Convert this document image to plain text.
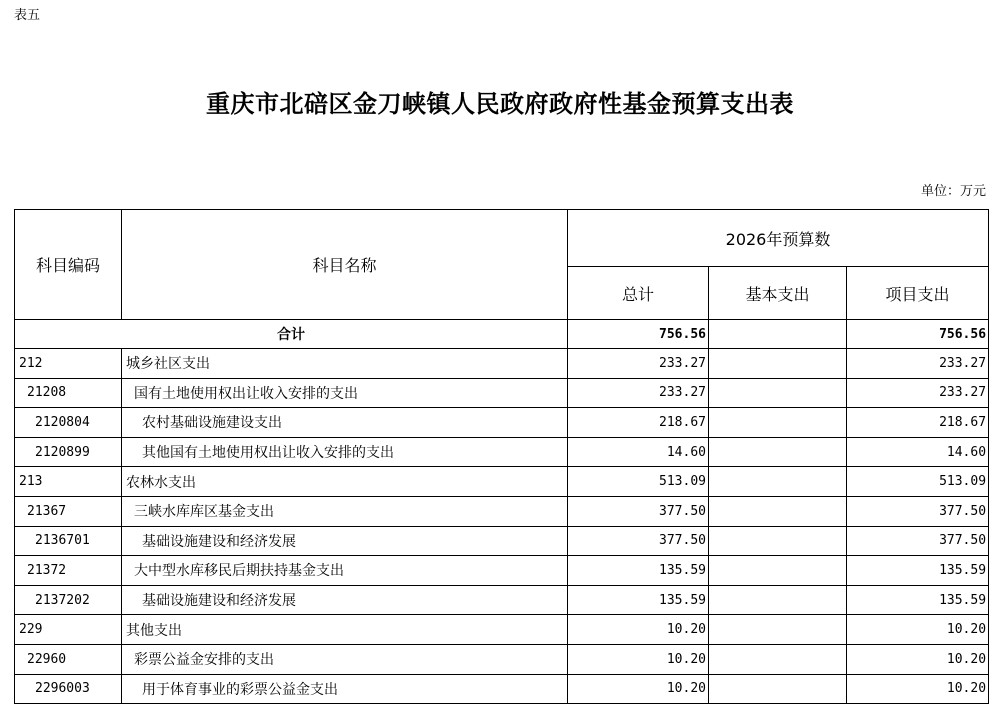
表五
重庆市北碚区金刀峡镇人民政府政府性基金预算支出表
单位：万元
科目编码	科目名称	2026年预算数		
		总计	基本支出	项目支出
合计		756.56		756.56
212	城乡社区支出	233.27		233.27
21208	国有土地使用权出让收入安排的支出	233.27		233.27
2120804	农村基础设施建设支出	218.67		218.67
2120899	其他国有土地使用权出让收入安排的支出	14.60		14.60
213	农林水支出	513.09		513.09
21367	三峡水库库区基金支出	377.50		377.50
2136701	基础设施建设和经济发展	377.50		377.50
21372	大中型水库移民后期扶持基金支出	135.59		135.59
2137202	基础设施建设和经济发展	135.59		135.59
229	其他支出	10.20		10.20
22960	彩票公益金安排的支出	10.20		10.20
2296003	用于体育事业的彩票公益金支出	10.20		10.20
